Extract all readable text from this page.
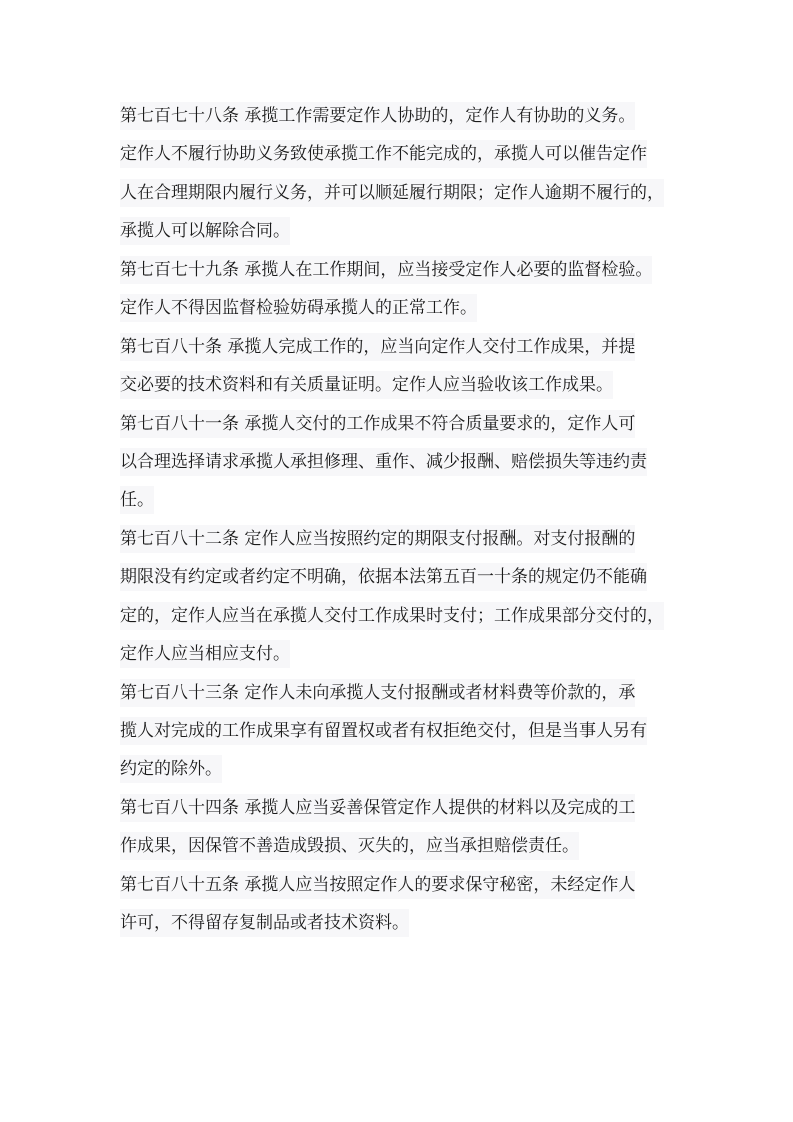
第七百七十八条 承揽工作需要定作人协助的，定作人有协助的义务。
定作人不履行协助义务致使承揽工作不能完成的，承揽人可以催告定作
人在合理期限内履行义务，并可以顺延履行期限；定作人逾期不履行的，
承揽人可以解除合同。
第七百七十九条 承揽人在工作期间，应当接受定作人必要的监督检验。
定作人不得因监督检验妨碍承揽人的正常工作。
第七百八十条 承揽人完成工作的，应当向定作人交付工作成果，并提
交必要的技术资料和有关质量证明。定作人应当验收该工作成果。
第七百八十一条 承揽人交付的工作成果不符合质量要求的，定作人可
以合理选择请求承揽人承担修理、重作、减少报酬、赔偿损失等违约责
任。
第七百八十二条 定作人应当按照约定的期限支付报酬。对支付报酬的
期限没有约定或者约定不明确，依据本法第五百一十条的规定仍不能确
定的，定作人应当在承揽人交付工作成果时支付；工作成果部分交付的，
定作人应当相应支付。
第七百八十三条 定作人未向承揽人支付报酬或者材料费等价款的，承
揽人对完成的工作成果享有留置权或者有权拒绝交付，但是当事人另有
约定的除外。
第七百八十四条 承揽人应当妥善保管定作人提供的材料以及完成的工
作成果，因保管不善造成毁损、灭失的，应当承担赔偿责任。
第七百八十五条 承揽人应当按照定作人的要求保守秘密，未经定作人
许可，不得留存复制品或者技术资料。
